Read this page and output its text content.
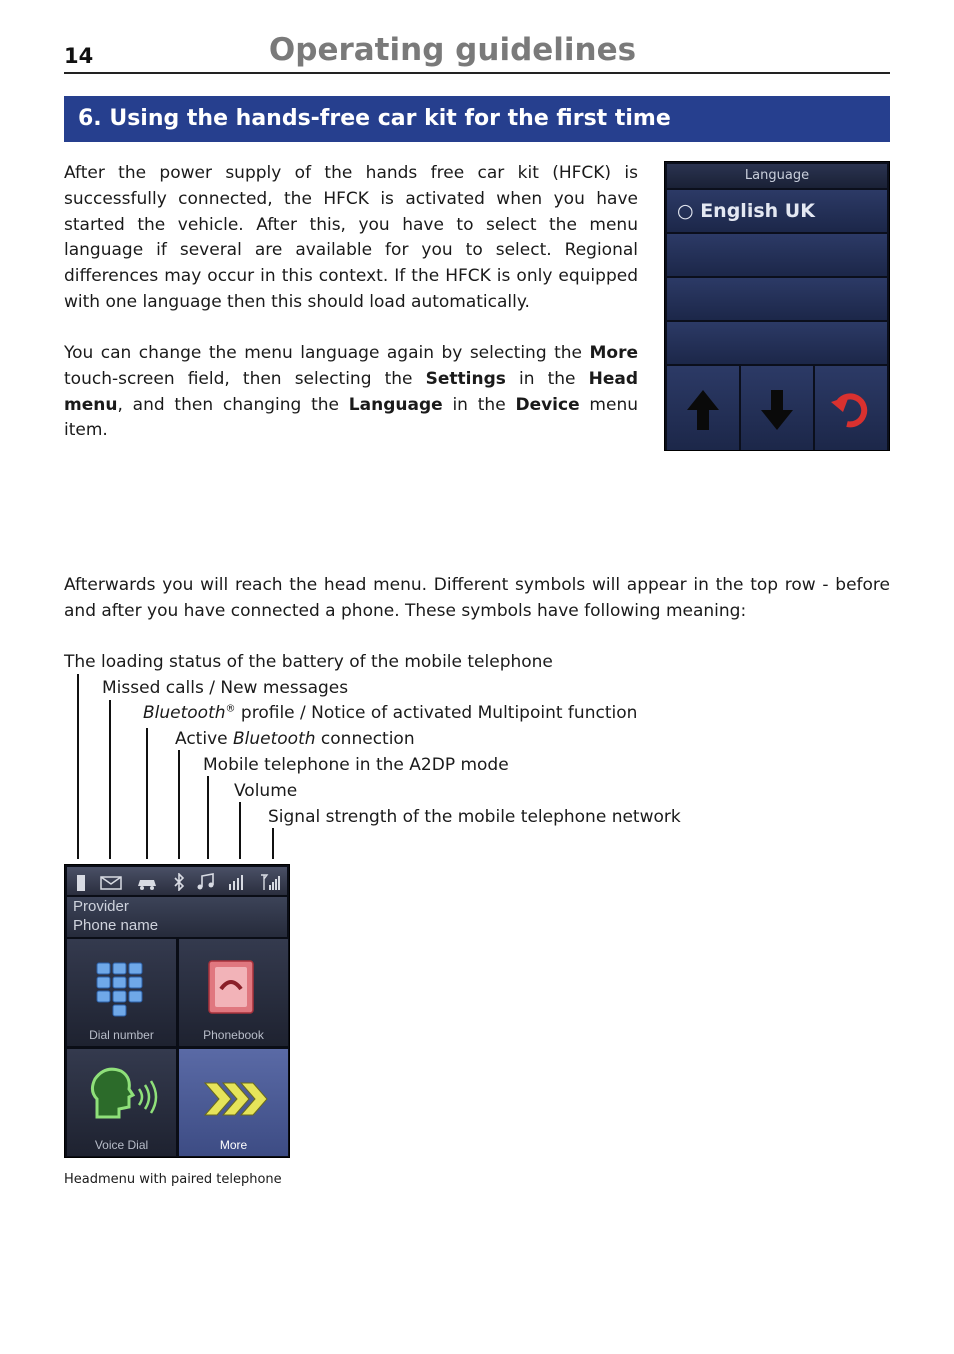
14	Operating guidelines
6. Using the hands-free car kit for the first time
After the power supply of the hands free car kit (HFCK) is successfully connected, the HFCK is activated when you have started the vehicle. After this, you have to select the menu language if several are available for you to select. Regional differences may occur in this context. If the HFCK is only equipped with one language then this should load automatically.
You can change the menu language again by selecting the More touch-screen field, then selecting the Settings in the Head menu, and then changing the Language in the Device menu item.
Language
○ English UK
Afterwards you will reach the head menu. Different symbols will appear in the top row - before and after you have connected a phone. These symbols have following meaning:
The loading status of the battery of the mobile telephone
Missed calls / New messages
Bluetooth® profile / Notice of activated Multipoint function
Active Bluetooth connection
Mobile telephone in the A2DP mode
Volume
Signal strength of the mobile telephone network
Provider
Phone name
Dial number	Phonebook
Voice Dial	More
Headmenu with paired telephone
